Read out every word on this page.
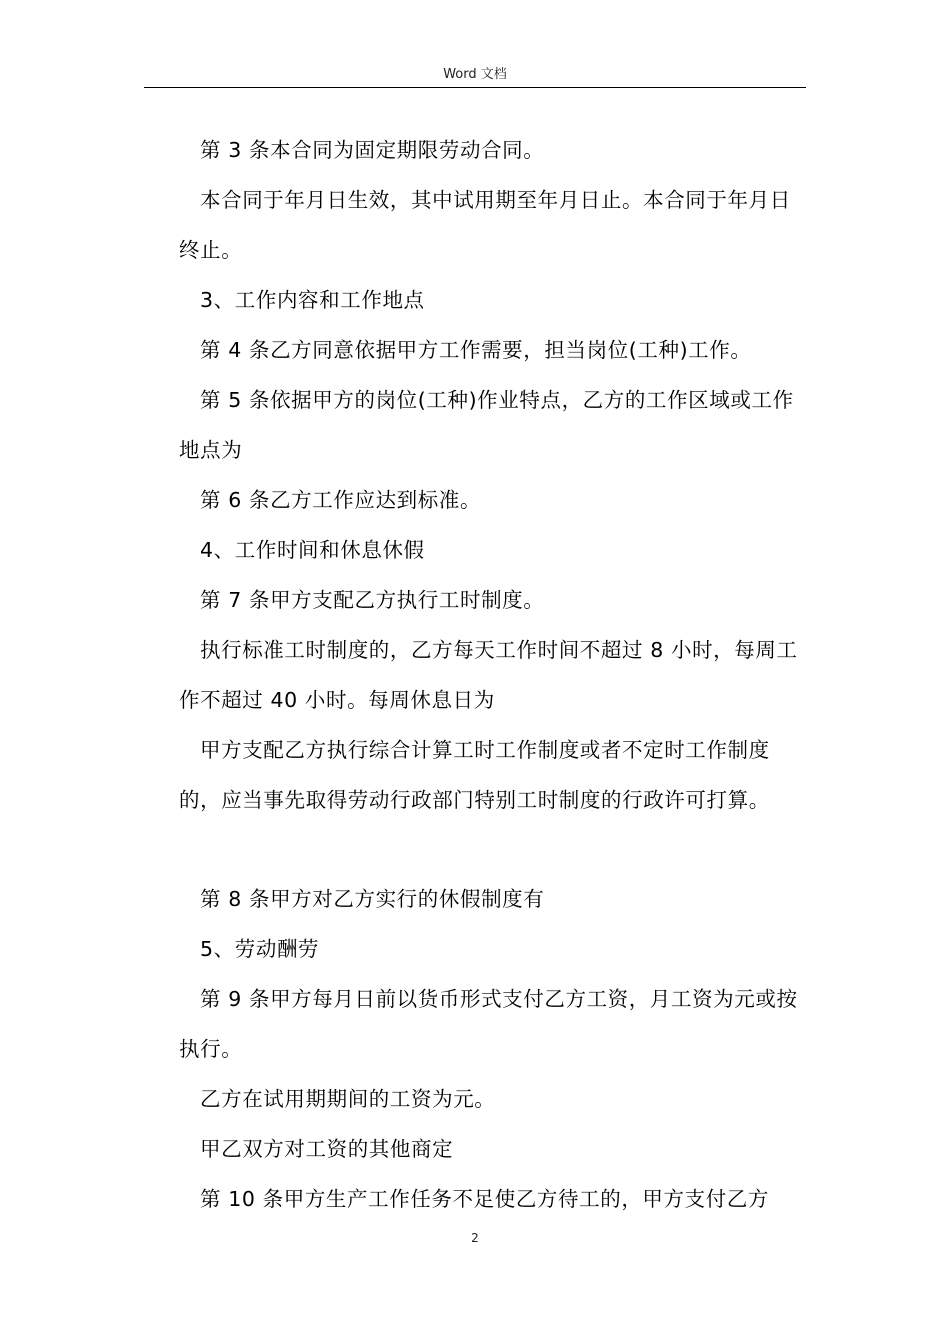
Word 文档

第 3 条本合同为固定期限劳动合同。

本合同于年月日生效，其中试用期至年月日止。本合同于年月日终止。

3、工作内容和工作地点

第 4 条乙方同意依据甲方工作需要，担当岗位(工种)工作。

第 5 条依据甲方的岗位(工种)作业特点，乙方的工作区域或工作地点为

第 6 条乙方工作应达到标准。

4、工作时间和休息休假

第 7 条甲方支配乙方执行工时制度。

执行标准工时制度的，乙方每天工作时间不超过 8 小时，每周工作不超过 40 小时。每周休息日为

甲方支配乙方执行综合计算工时工作制度或者不定时工作制度的，应当事先取得劳动行政部门特别工时制度的行政许可打算。

第 8 条甲方对乙方实行的休假制度有

5、劳动酬劳

第 9 条甲方每月日前以货币形式支付乙方工资，月工资为元或按执行。

乙方在试用期期间的工资为元。

甲乙双方对工资的其他商定

第 10 条甲方生产工作任务不足使乙方待工的，甲方支付乙方

2
